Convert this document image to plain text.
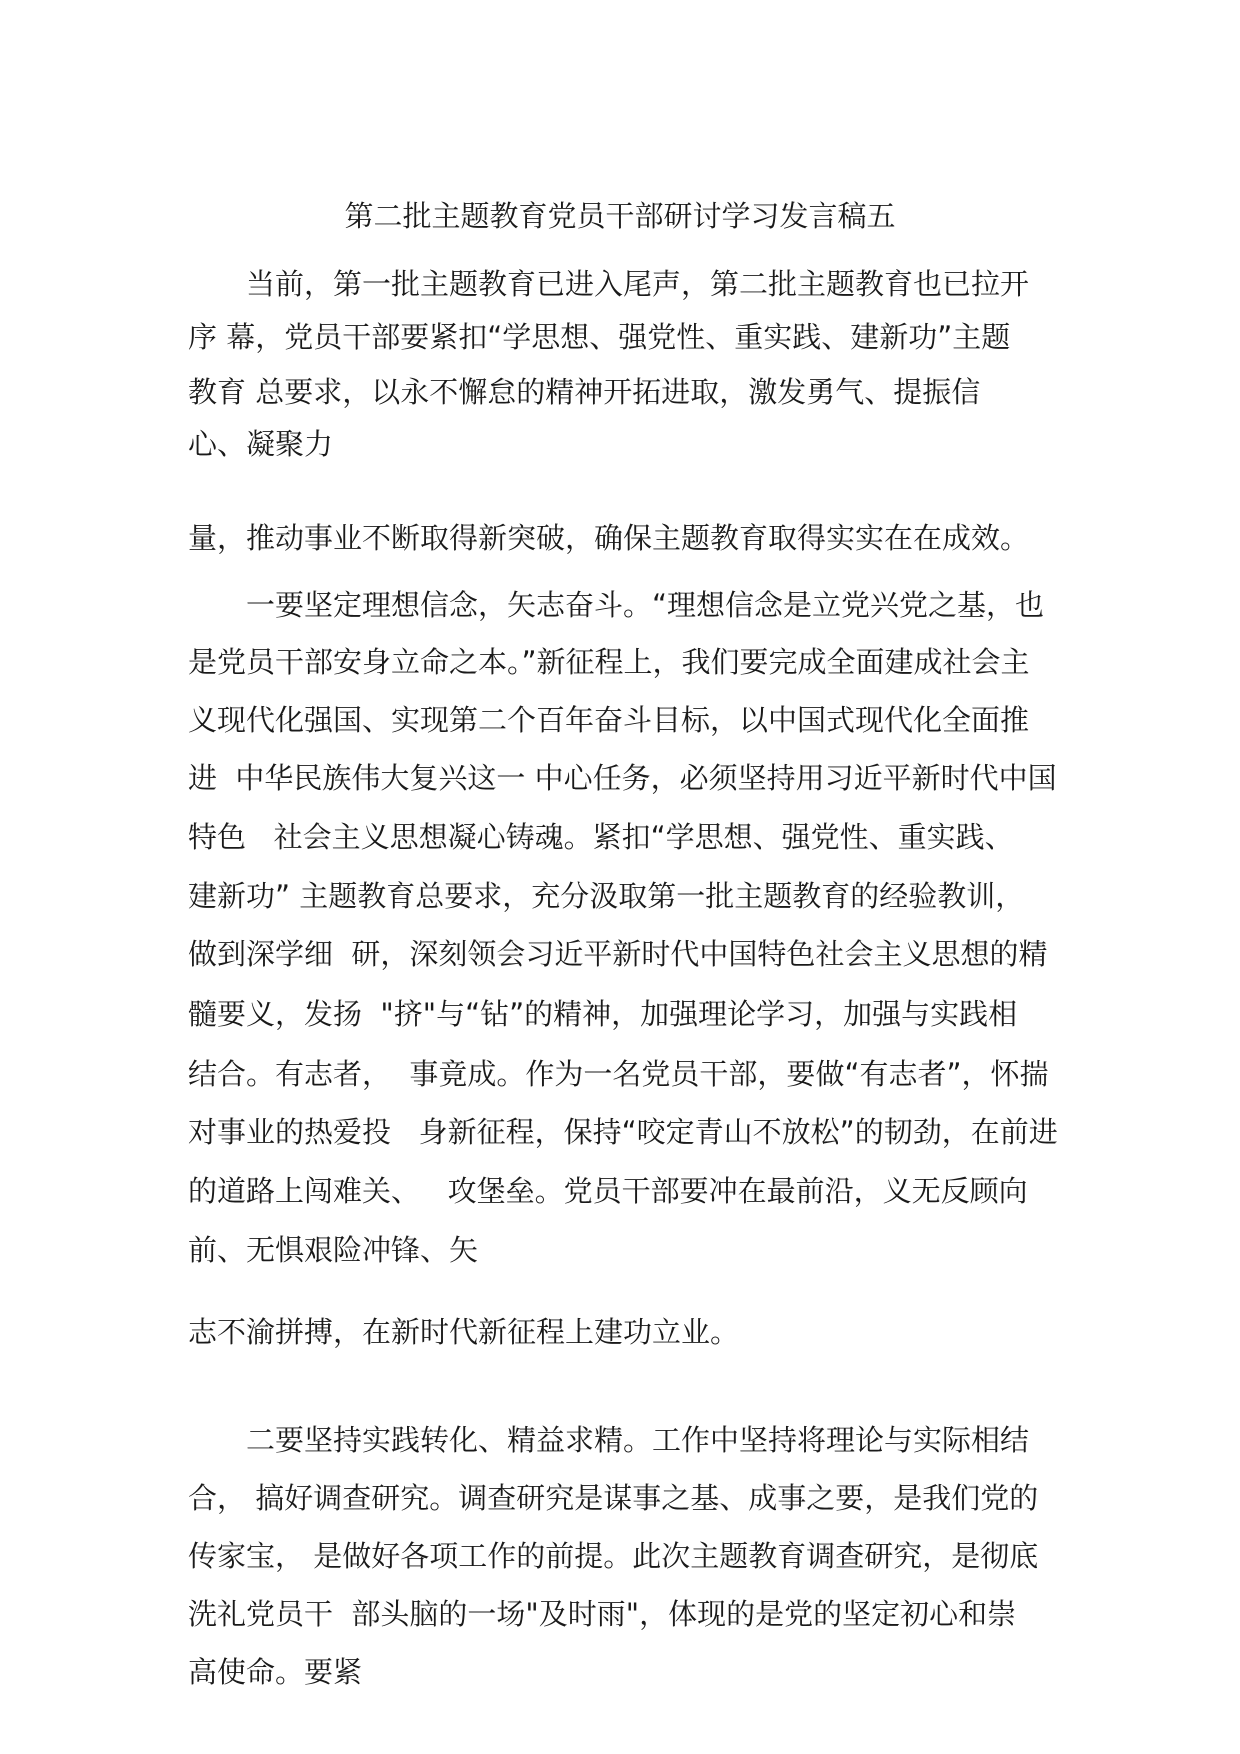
第二批主题教育党员干部研讨学习发言稿五
当前，第一批主题教育已进入尾声，第二批主题教育也已拉开
序 幕，党员干部要紧扣“学思想、强党性、重实践、建新功”主题
教育 总要求，以永不懈怠的精神开拓进取，激发勇气、提振信
心、凝聚力
量，推动事业不断取得新突破，确保主题教育取得实实在在成效。
一要坚定理想信念，矢志奋斗。“理想信念是立党兴党之基，也
是党员干部安身立命之本。”新征程上，我们要完成全面建成社会主
义现代化强国、实现第二个百年奋斗目标，以中国式现代化全面推
进  中华民族伟大复兴这一 中心任务，必须坚持用习近平新时代中国
特色   社会主义思想凝心铸魂。紧扣“学思想、强党性、重实践、
建新功” 主题教育总要求，充分汲取第一批主题教育的经验教训，
做到深学细  研，深刻领会习近平新时代中国特色社会主义思想的精
髓要义，发扬  "挤"与“钻”的精神，加强理论学习，加强与实践相
结合。有志者，  事竟成。作为一名党员干部，要做“有志者”，怀揣
对事业的热爱投   身新征程，保持“咬定青山不放松”的韧劲，在前进
的道路上闯难关、   攻堡垒。党员干部要冲在最前沿，义无反顾向
前、无惧艰险冲锋、矢
志不渝拼搏，在新时代新征程上建功立业。
二要坚持实践转化、精益求精。工作中坚持将理论与实际相结
合， 搞好调查研究。调查研究是谋事之基、成事之要，是我们党的
传家宝， 是做好各项工作的前提。此次主题教育调查研究，是彻底
洗礼党员干  部头脑的一场"及时雨"，体现的是党的坚定初心和崇
高使命。要紧
